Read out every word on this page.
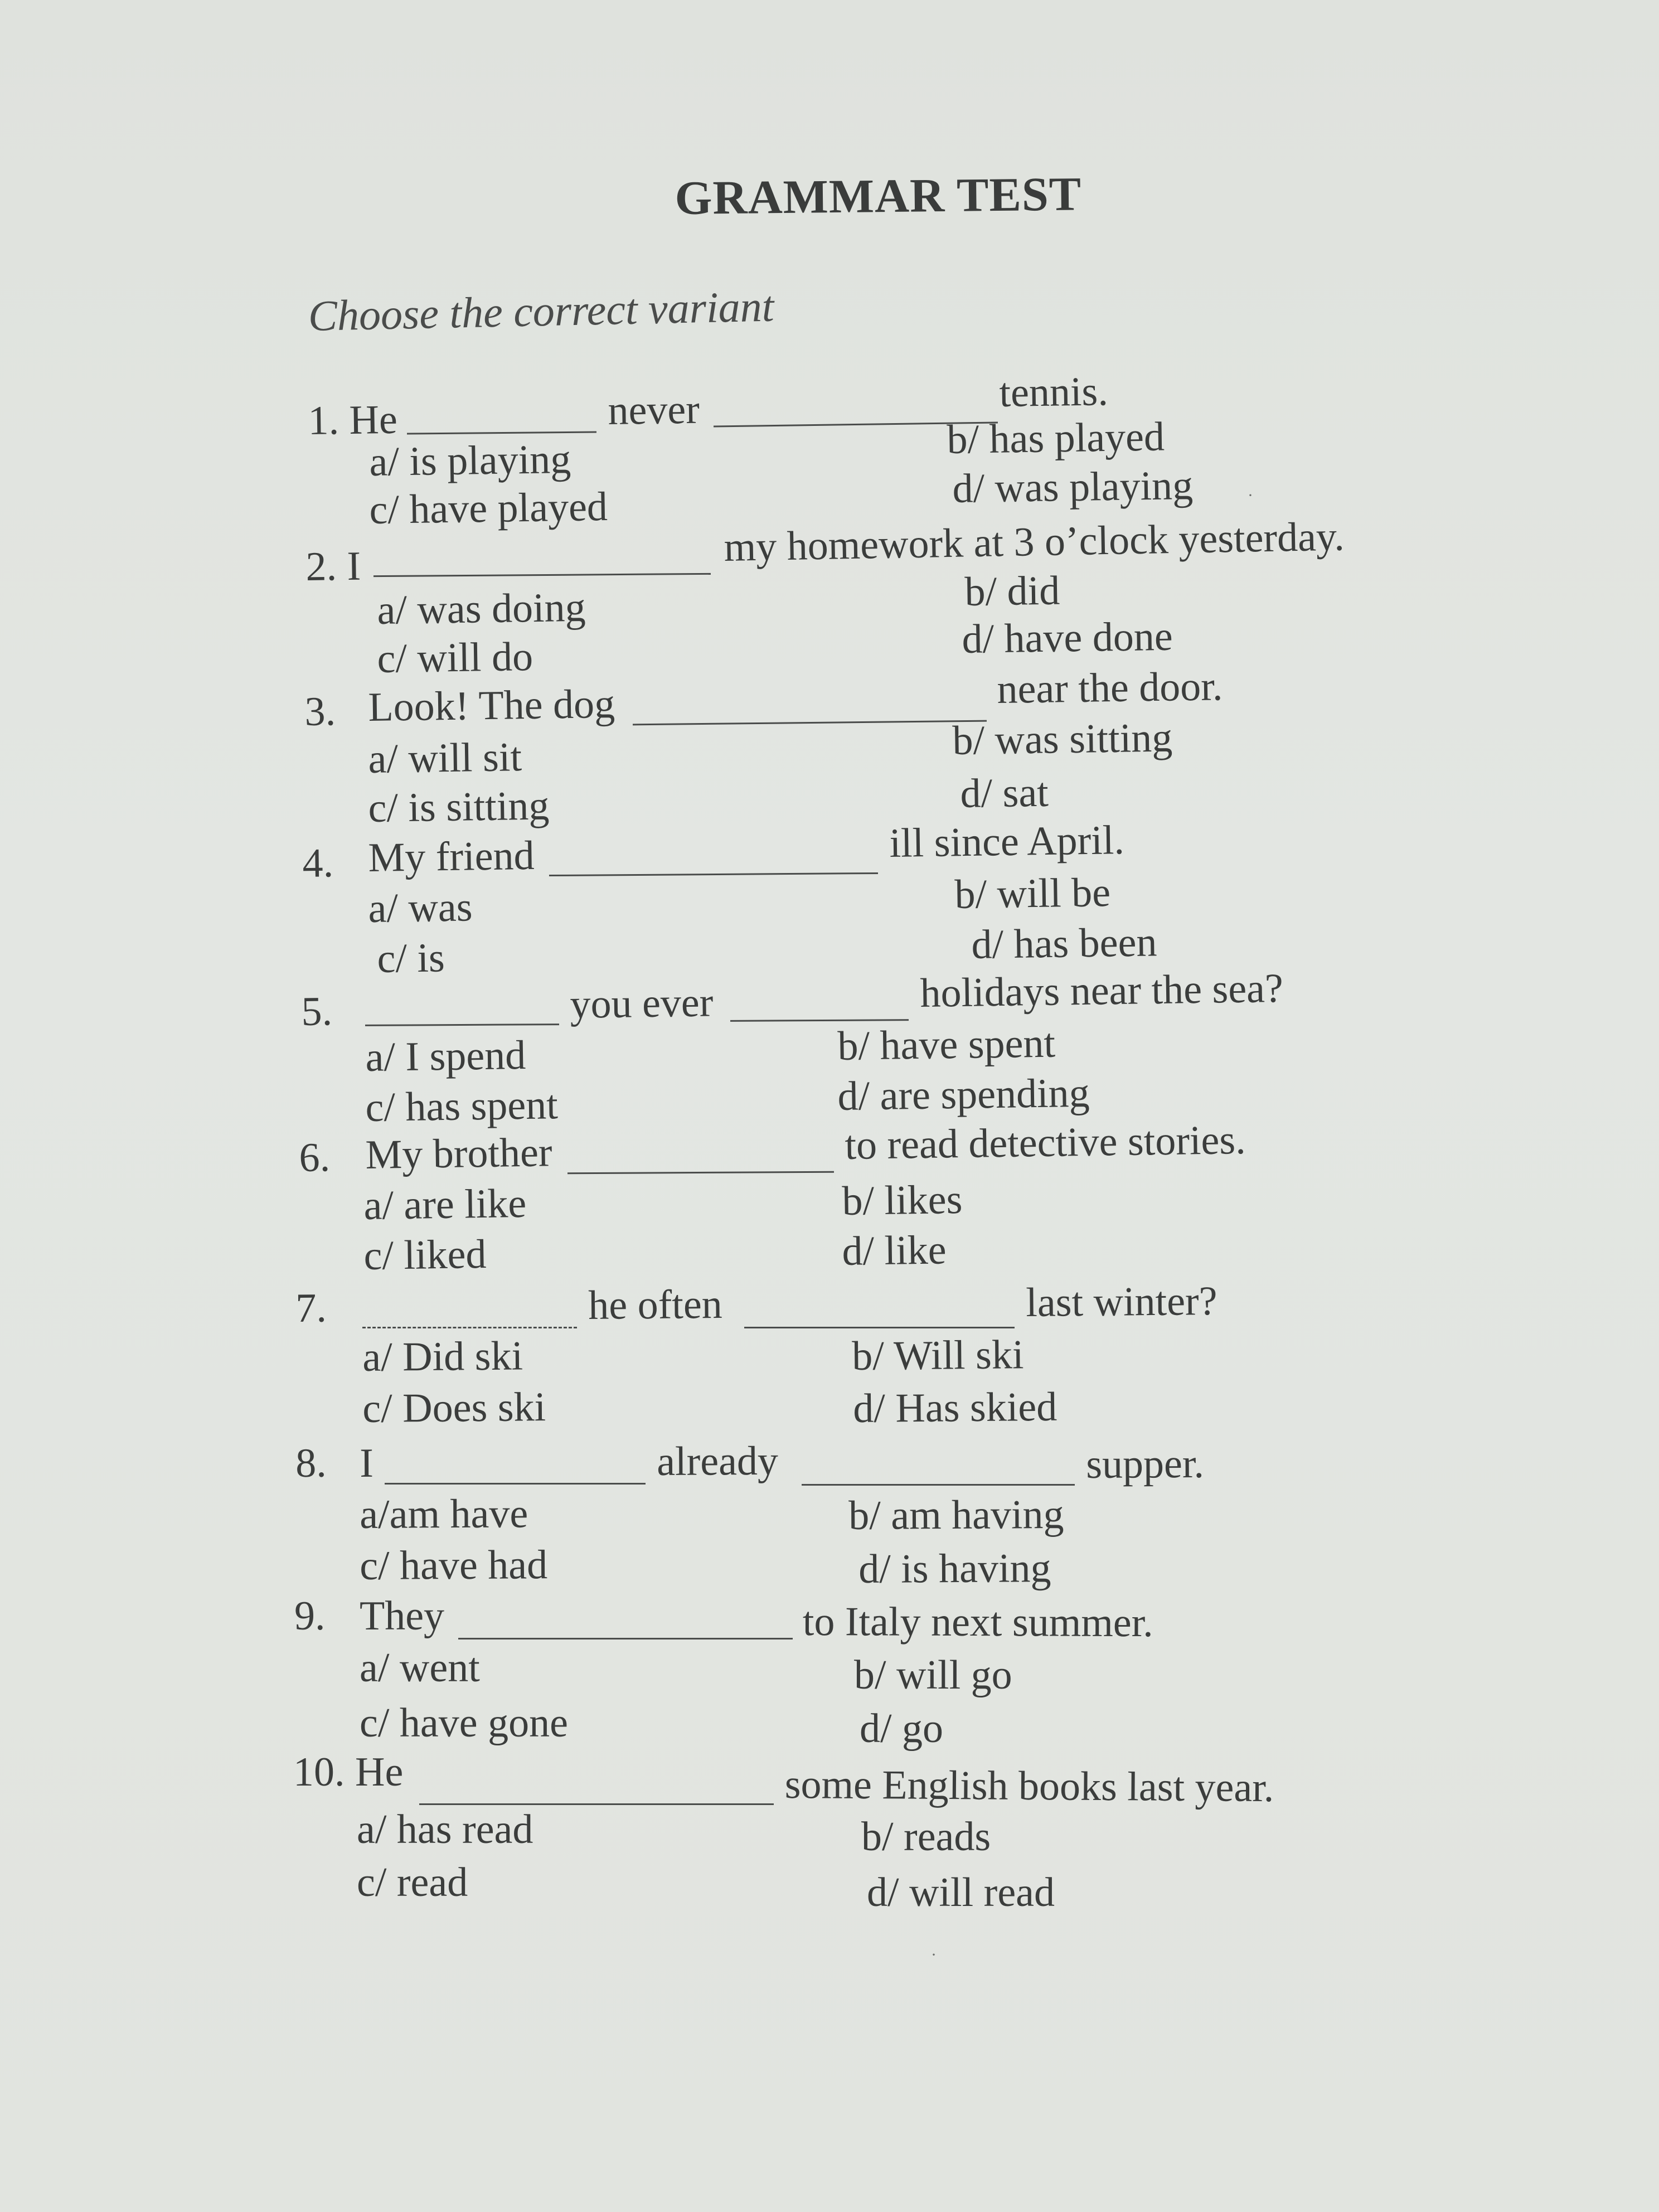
GRAMMAR TEST
Choose the correct variant
1. He	never	tennis.
a/ is playing	b/ has played
c/ have played	d/ was playing	·
2. I	my homework at 3 o’clock yesterday.
a/ was doing	b/ did
c/ will do	d/ have done
3. Look! The dog	near the door.
a/ will sit	b/ was sitting
c/ is sitting	d/ sat
4. My friend	ill since April.
a/ was	b/ will be
c/ is	d/ has been
5.	you ever	holidays near the sea?
a/ I spend	b/ have spent
c/ has spent	d/ are spending
6. My brother	to read detective stories.
a/ are like	b/ likes
c/ liked	d/ like
7.	he often	last winter?
a/ Did ski	b/ Will ski
c/ Does ski	d/ Has skied
8. I	already	supper.
a/am have	b/ am having
c/ have had	d/ is having
9. They	to Italy next summer.
a/ went	b/ will go
c/ have gone	d/ go
10. He	some English books last year.
a/ has read	b/ reads
c/ read	d/ will read
·
